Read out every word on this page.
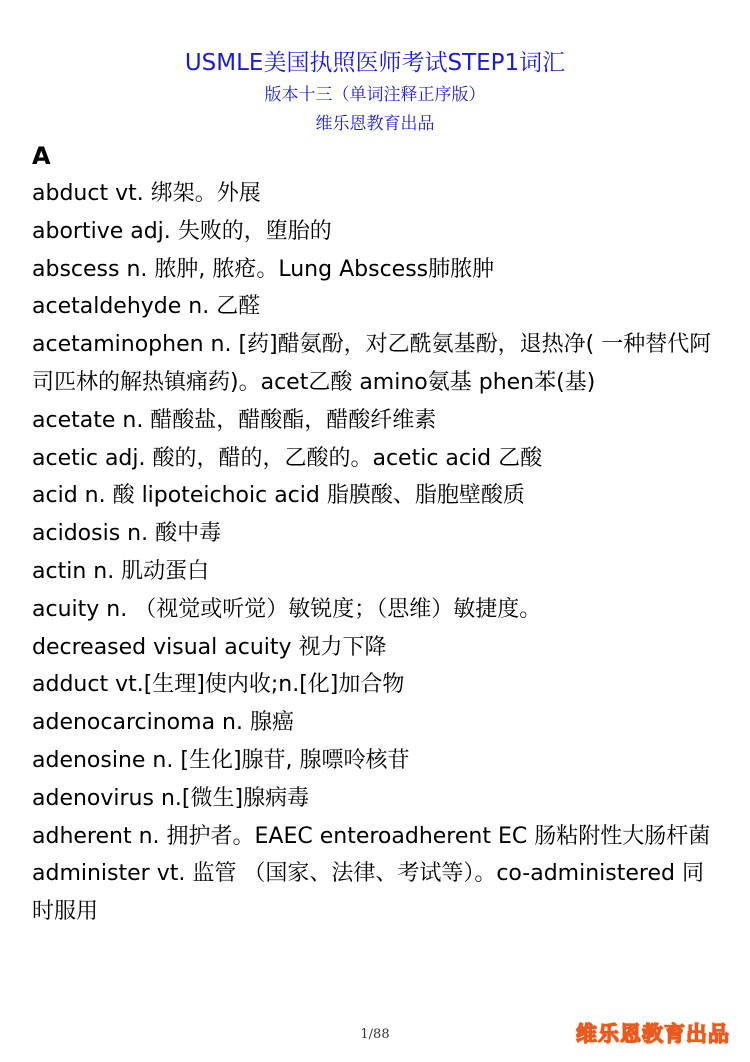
USMLE美国执照医师考试STEP1词汇
版本十三（单词注释正序版）
维乐恩教育出品
A

abduct vt. 绑架。外展

abortive adj. 失败的，堕胎的

abscess n. 脓肿, 脓疮。Lung Abscess肺脓肿

acetaldehyde n. 乙醛

acetaminophen n. [药]醋氨酚，对乙酰氨基酚，退热净( 一种替代阿司匹林的解热镇痛药)。acet乙酸 amino氨基 phen苯(基)

acetate n. 醋酸盐，醋酸酯，醋酸纤维素

acetic adj. 酸的，醋的，乙酸的。acetic acid 乙酸

acid n. 酸 lipoteichoic acid 脂膜酸、脂胞壁酸质

acidosis n. 酸中毒

actin n. 肌动蛋白

acuity n. （视觉或听觉）敏锐度；（思维）敏捷度。

decreased visual acuity 视力下降

adduct vt.[生理]使内收;n.[化]加合物

adenocarcinoma n. 腺癌

adenosine n. [生化]腺苷, 腺嘌呤核苷

adenovirus n.[微生]腺病毒

adherent n. 拥护者。EAEC enteroadherent EC 肠粘附性大肠杆菌

administer vt. 监管 （国家、法律、考试等）。co-administered 同时服用

1/88	维乐恩教育出品
